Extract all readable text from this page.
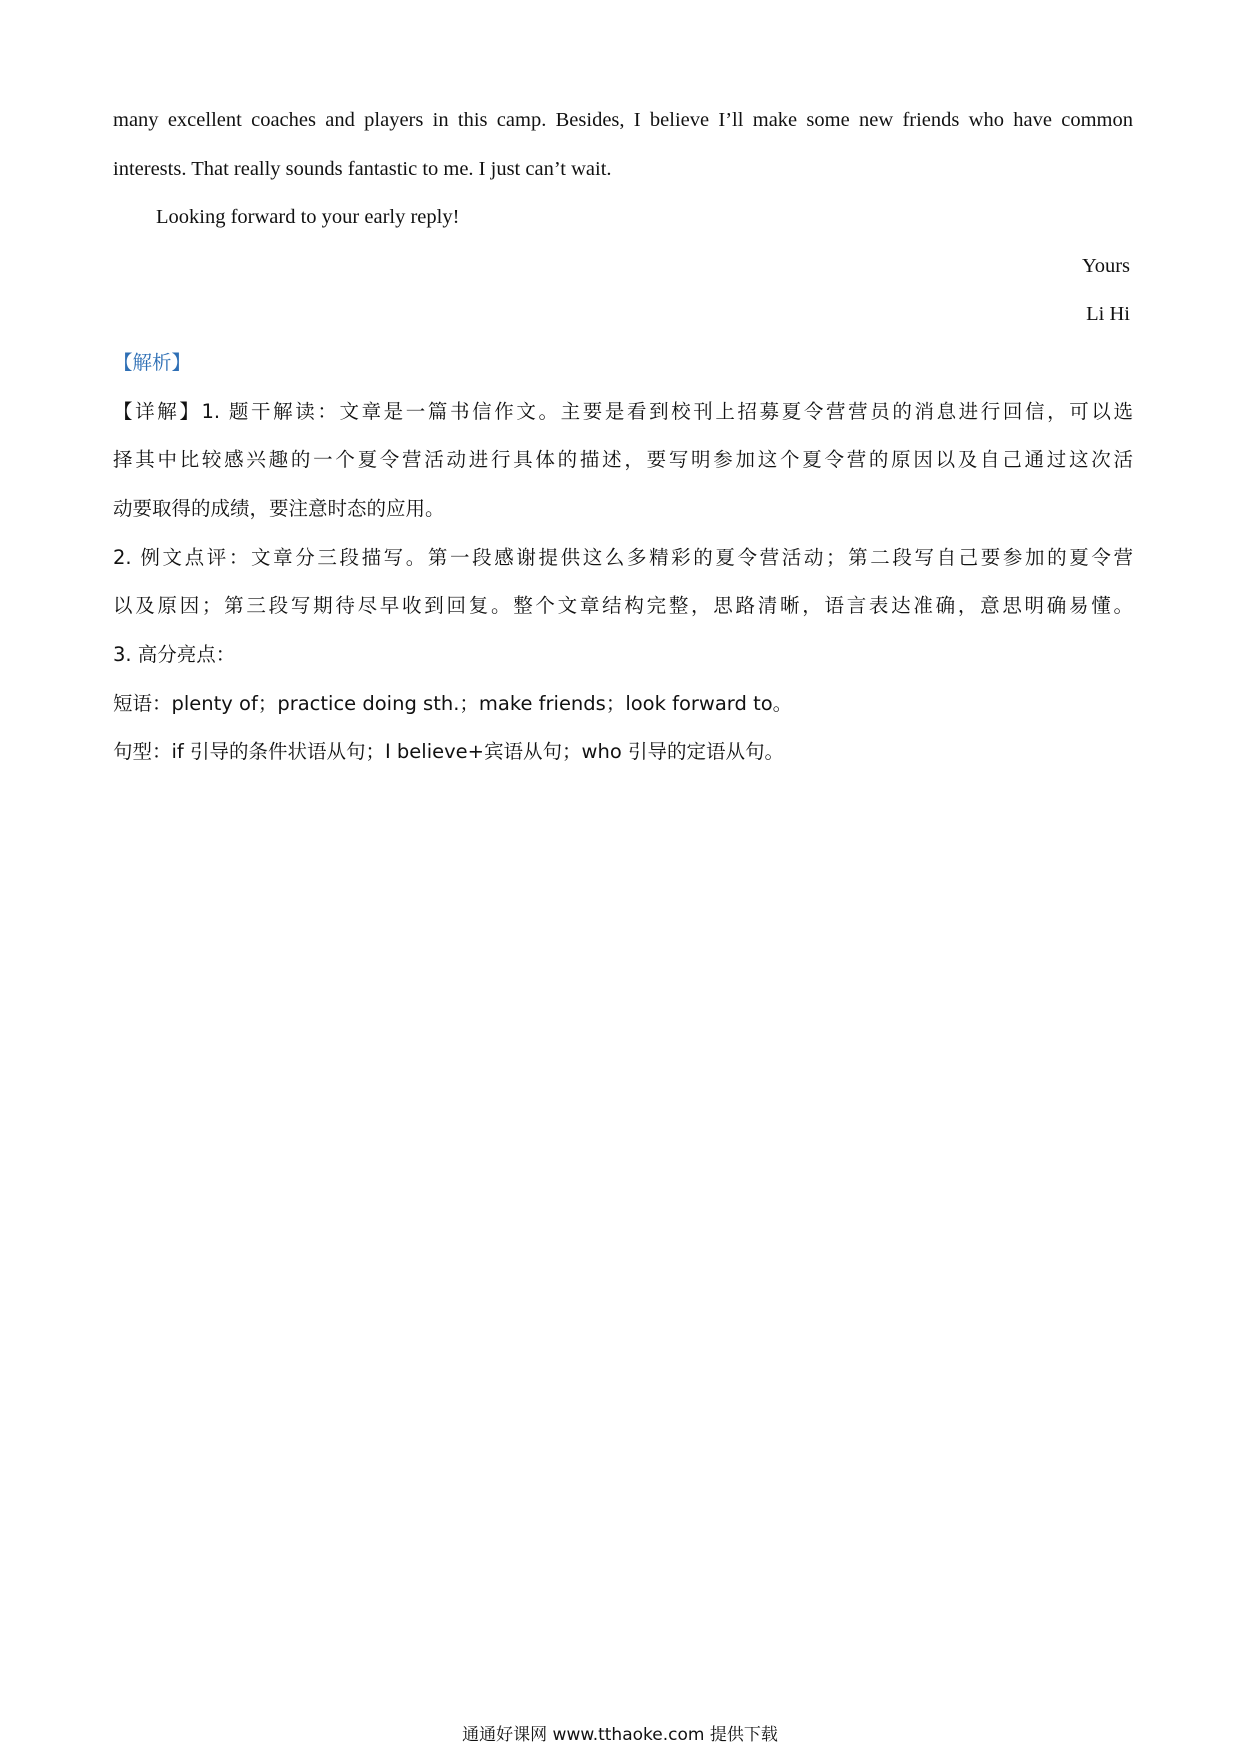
many excellent coaches and players in this camp. Besides, I believe I’ll make some new friends who have common
interests. That really sounds fantastic to me. I just can’t wait.
Looking forward to your early reply!
Yours
Li Hi
【解析】
【详解】1. 题干解读：文章是一篇书信作文。主要是看到校刊上招募夏令营营员的消息进行回信，可以选
择其中比较感兴趣的一个夏令营活动进行具体的描述，要写明参加这个夏令营的原因以及自己通过这次活
动要取得的成绩，要注意时态的应用。
2. 例文点评：文章分三段描写。第一段感谢提供这么多精彩的夏令营活动；第二段写自己要参加的夏令营
以及原因；第三段写期待尽早收到回复。整个文章结构完整，思路清晰，语言表达准确，意思明确易懂。
3. 高分亮点：
短语：plenty of；practice doing sth.；make friends；look forward to。
句型：if 引导的条件状语从句；I believe+宾语从句；who 引导的定语从句。
通通好课网 www.tthaoke.com 提供下载
